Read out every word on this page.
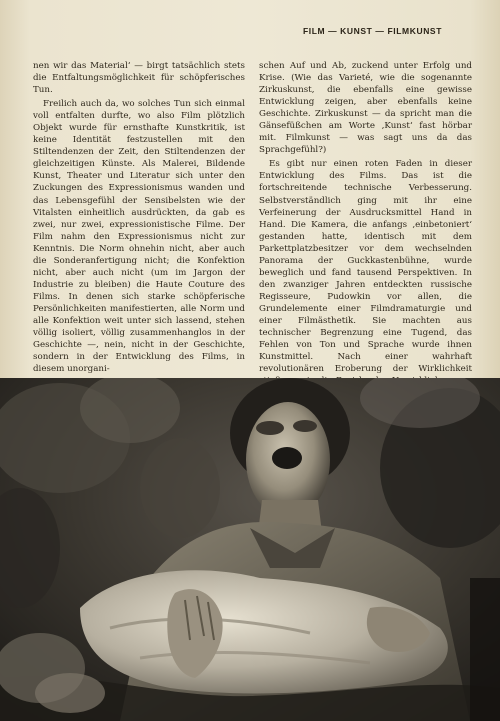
FILM — KUNST — FILMKUNST

nen wir das Material‘ — birgt tatsächlich stets die Entfaltungsmöglichkeit für schöpferisches Tun.

Freilich auch da, wo solches Tun sich einmal voll entfalten durfte, wo also Film plötzlich Objekt wurde für ernsthafte Kunstkritik, ist keine Identität festzustellen mit den Stiltendenzen der Zeit, den Stiltendenzen der gleichzeitigen Künste. Als Malerei, Bildende Kunst, Theater und Literatur sich unter den Zuckungen des Expressionismus wanden und das Lebensgefühl der Sensibelsten wie der Vitalsten einheitlich ausdrückten, da gab es zwei, nur zwei, expressionistische Filme. Der Film nahm den Expressionismus nicht zur Kenntnis. Die Norm ohnehin nicht, aber auch die Sonderanfertigung nicht; die Konfektion nicht, aber auch nicht (um im Jargon der Industrie zu bleiben) die Haute Couture des Films. In denen sich starke schöpferische Persönlichkeiten manifestierten, alle Norm und alle Konfektion weit unter sich lassend, stehen völlig isoliert, völlig zusammenhanglos in der Geschichte —, nein, nicht in der Geschichte, sondern in der Entwicklung des Films, in diesem unorgani-

schen Auf und Ab, zuckend unter Erfolg und Krise. (Wie das Varieté, wie die sogenannte Zirkuskunst, die ebenfalls eine gewisse Entwicklung zeigen, aber ebenfalls keine Geschichte. Zirkuskunst — da spricht man die Gänsefüßchen am Worte ‚Kunst‘ fast hörbar mit. Filmkunst — was sagt uns da das Sprachgefühl?)

Es gibt nur einen roten Faden in dieser Entwicklung des Films. Das ist die fortschreitende technische Verbesserung. Selbstverständlich ging mit ihr eine Verfeinerung der Ausdrucksmittel Hand in Hand. Die Kamera, die anfangs ‚einbetoniert‘ gestanden hatte, identisch mit dem Parkettplatzbesitzer vor dem wechselnden Panorama der Guckkastenbühne, wurde beweglich und fand tausend Perspektiven. In den zwanziger Jahren entdeckten russische Regisseure, Pudowkin vor allen, die Grundelemente einer Filmdramaturgie und einer Filmästhetik. Sie machten aus technischer Begrenzung eine Tugend, das Fehlen von Ton und Sprache wurde ihnen Kunstmittel. Nach einer wahrhaft revolutionären Eroberung der Wirklichkeit
